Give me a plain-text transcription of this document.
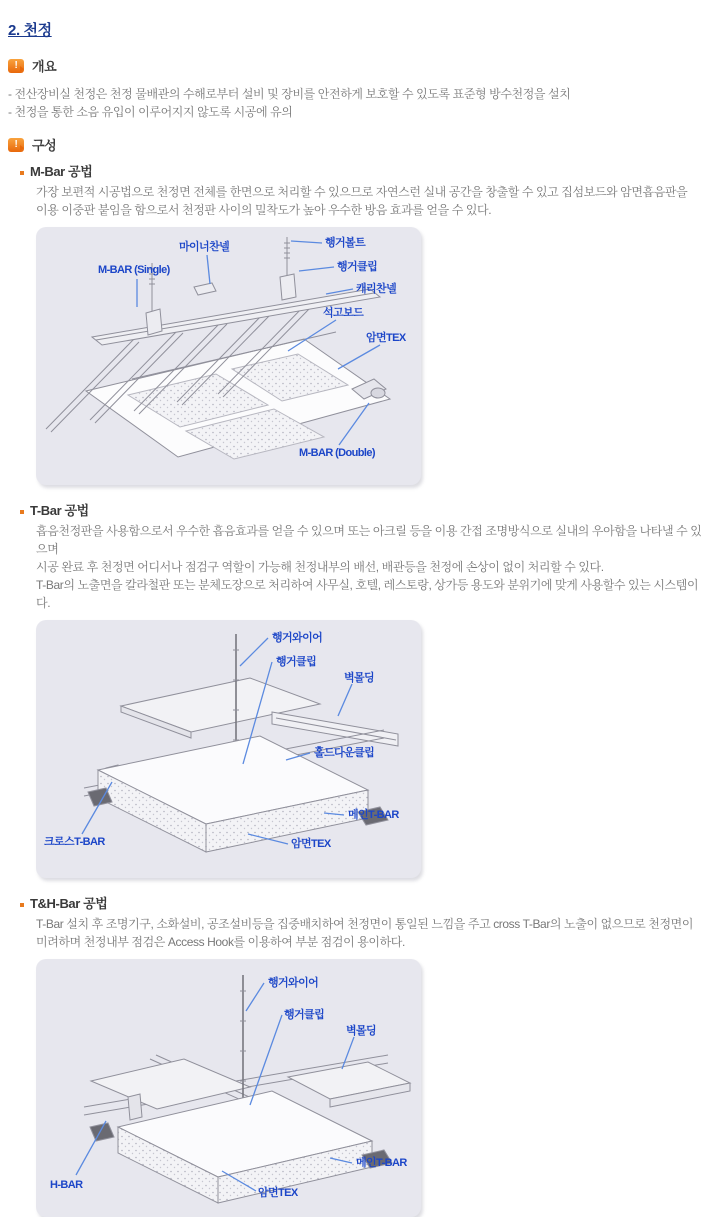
2. 천정
!	개요
- 전산장비실 천정은 천정 물배관의 수해로부터 설비 및 장비를 안전하게 보호할 수 있도록 표준형 방수천정을 설치
- 천정을 통한 소음 유입이 이루어지지 않도록 시공에 유의
!	구성
M-Bar 공법
가장 보편적 시공법으로 천정면 전체를 한면으로 처리할 수 있으므로 자연스런 실내 공간을 창출할 수 있고 집섬보드와 암면흡음판을
이용 이중판 붙임을 함으로서 천정판 사이의 밀착도가 높아 우수한 방음 효과를 얻을 수 있다.
행거볼트
행거클립
캐리찬넬
마이너찬넬
M-BAR (Single)
석고보드
암면TEX
M-BAR (Double)
T-Bar 공법
흡음천정판을 사용함으로서 우수한 흡음효과를 얻을 수 있으며 또는 아크릴 등을 이용 간접 조명방식으로 실내의 우아함을 나타낼 수 있으며
시공 완료 후 천정면 어디서나 점검구 역할이 가능해 천정내부의 배선, 배관등을 천정에 손상이 없이 처리할 수 있다.
T-Bar의 노출면을 칼라철판 또는 분체도장으로 처리하여 사무실, 호텔, 레스토랑, 상가등 용도와 분위기에 맞게 사용할수 있는 시스템이다.
행거와이어
행거클립
벽몰딩
홀드다운클립
메인T-BAR
크로스T-BAR	암면TEX
T&H-Bar 공법
T-Bar 설치 후 조명기구, 소화설비, 공조설비등을 집중배치하여 천정면이 통일된 느낌을 주고 cross T-Bar의 노출이 없으므로 천정면이
미려하며 천정내부 점검은 Access Hook를 이용하여 부분 점검이 용이하다.
행거와이어
행거클립
벽몰딩
메인T-BAR
H-BAR
암면TEX
